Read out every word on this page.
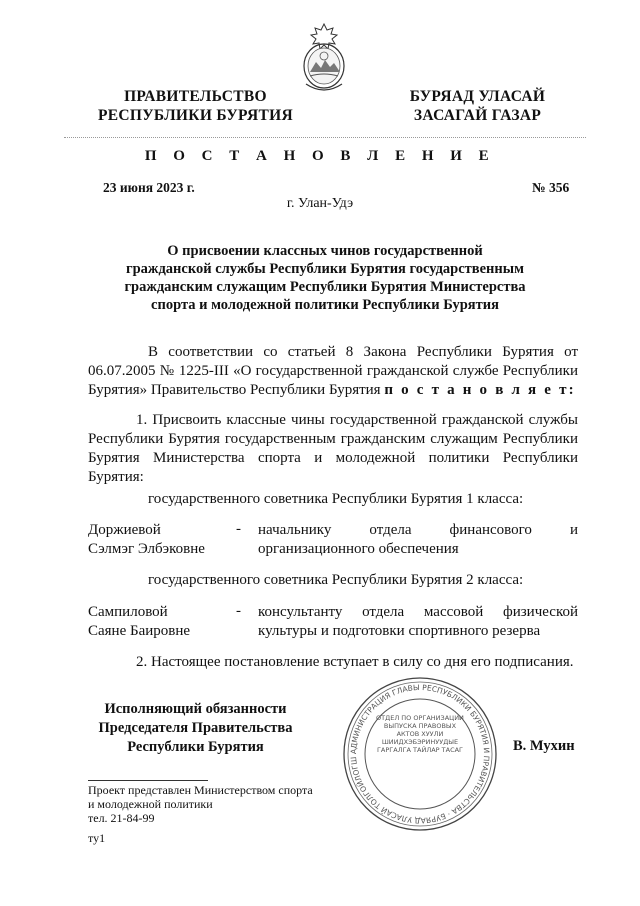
ПРАВИТЕЛЬСТВО
РЕСПУБЛИКИ БУРЯТИЯ
БУРЯАД УЛАСАЙ
ЗАСАГАЙ ГАЗАР
П О С Т А Н О В Л Е Н И Е
23 июня 2023 г.	№ 356
г. Улан-Удэ
О присвоении классных чинов государственной
гражданской службы Республики Бурятия государственным
гражданским служащим Республики Бурятия Министерства
спорта и молодежной политики Республики Бурятия
В соответствии со статьей 8 Закона Республики Бурятия от 06.07.2005 № 1225-III «О государственной гражданской службе Республики Бурятия» Правительство Республики Бурятия п о с т а н о в л я е т:
1. Присвоить классные чины государственной гражданской службы Республики Бурятия государственным гражданским служащим Республики Бурятия Министерства спорта и молодежной политики Республики Бурятия:
государственного советника Республики Бурятия 1 класса:
Доржиевой
Сэлмэг Элбэковне
- начальнику отдела финансового и организационного обеспечения
государственного советника Республики Бурятия 2 класса:
Сампиловой
Саяне Баировне
- консультанту отдела массовой физической культуры и подготовки спортивного резерва
2. Настоящее постановление вступает в силу со дня его подписания.
АДМИНИСТРАЦИЯ ГЛАВЫ РЕСПУБЛИКИ БУРЯТИЯ И ПРАВИТЕЛЬСТВА · БУРЯАД УЛАСАЙ ТОЛГОЙЛОГШ
ОТДЕЛ ПО ОРГАНИЗАЦИИ ВЫПУСКА ПРАВОВЫХ АКТОВ ХУУЛИ ШИИДХЭБЭРИНУУДЫЕ ГАРГАЛГА ТАЙЛАР ТАСАГ
Исполняющий обязанности
Председателя Правительства
Республики Бурятия	В. Мухин
Проект представлен Министерством спорта
и молодежной политики
тел. 21-84-99
ту1
